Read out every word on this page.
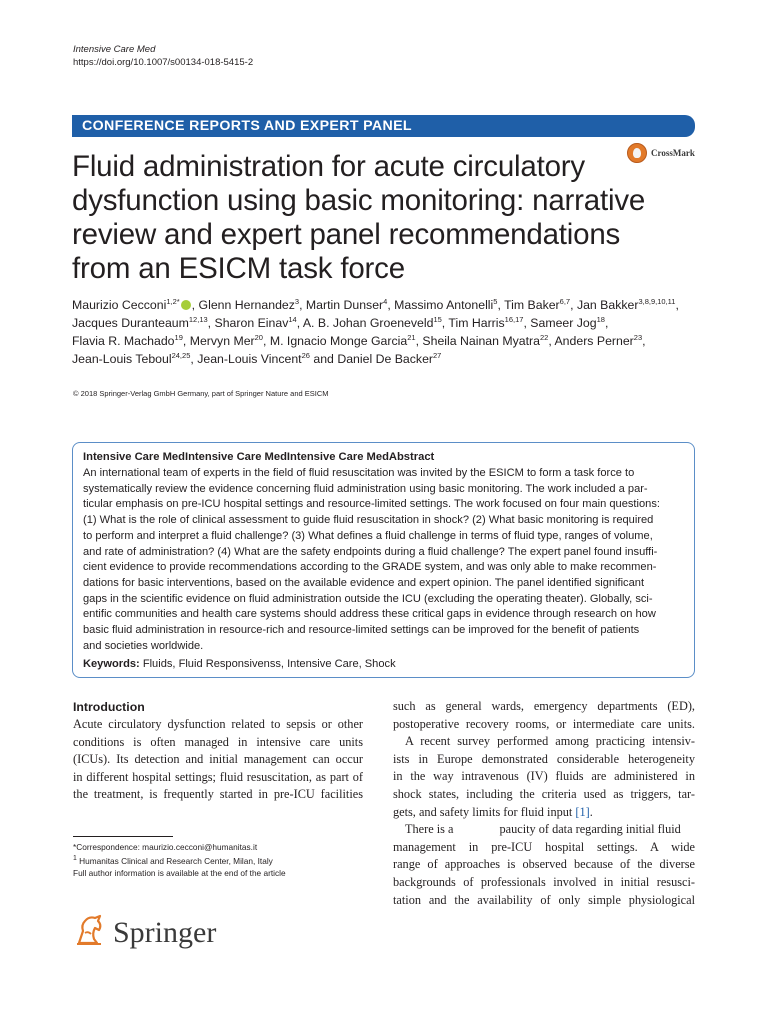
Intensive Care Med
https://doi.org/10.1007/s00134-018-5415-2
CONFERENCE REPORTS AND EXPERT PANEL
Fluid administration for acute circulatory
dysfunction using basic monitoring: narrative
review and expert panel recommendations
from an ESICM task force
CrossMark
Maurizio Cecconi$^{1,2*}$ , Glenn Hernandez$^3$, Martin Dunser$^4$, Massimo Antonelli$^5$, Tim Baker$^{6,7}$, Jan Bakker$^{3,8,9,10,11}$,
Jacques Duranteaum$^{12,13}$, Sharon Einav$^{14}$, A. B. Johan Groeneveld$^{15}$, Tim Harris$^{16,17}$, Sameer Jog$^{18}$,
Flavia R. Machado$^{19}$, Mervyn Mer$^{20}$, M. Ignacio Monge Garcia$^{21}$, Sheila Nainan Myatra$^{22}$, Anders Perner$^{23}$,
Jean-Louis Teboul$^{24,25}$, Jean-Louis Vincent$^{26}$ and Daniel De Backer$^{27}$
© 2018 Springer-Verlag GmbH Germany, part of Springer Nature and ESICM
Intensive Care MedIntensive Care MedIntensive Care MedAbstract
An international team of experts in the field of fluid resuscitation was invited by the ESICM to form a task force to
systematically review the evidence concerning fluid administration using basic monitoring. The work included a par-
ticular emphasis on pre-ICU hospital settings and resource-limited settings. The work focused on four main questions:
(1) What is the role of clinical assessment to guide fluid resuscitation in shock? (2) What basic monitoring is required
to perform and interpret a fluid challenge? (3) What defines a fluid challenge in terms of fluid type, ranges of volume,
and rate of administration? (4) What are the safety endpoints during a fluid challenge? The expert panel found insuffi-
cient evidence to provide recommendations according to the GRADE system, and was only able to make recommen-
dations for basic interventions, based on the available evidence and expert opinion. The panel identified significant
gaps in the scientific evidence on fluid administration outside the ICU (excluding the operating theater). Globally, sci-
entific communities and health care systems should address these critical gaps in evidence through research on how
basic fluid administration in resource-rich and resource-limited settings can be improved for the benefit of patients
and societies worldwide.
Keywords: Fluids, Fluid Responsivenss, Intensive Care, Shock
Introduction
Acute circulatory dysfunction related to sepsis or other
conditions is often managed in intensive care units
(ICUs). Its detection and initial management can occur
in different hospital settings; fluid resuscitation, as part of
the treatment, is frequently started in pre-ICU facilities
such as general wards, emergency departments (ED),
postoperative recovery rooms, or intermediate care units.
A recent survey performed among practicing intensiv-
ists in Europe demonstrated considerable heterogeneity
in the way intravenous (IV) fluids are administered in
shock states, including the criteria used as triggers, tar-
gets, and safety limits for fluid input [1].
There is a	paucity of data regarding initial fluid
management in pre-ICU hospital settings. A wide
range of approaches is observed because of the diverse
backgrounds of professionals involved in initial resusci-
tation and the availability of only simple physiological
*Correspondence: maurizio.cecconi@humanitas.it
$^1$ Humanitas Clinical and Research Center, Milan, Italy
Full author information is available at the end of the article
Springer
